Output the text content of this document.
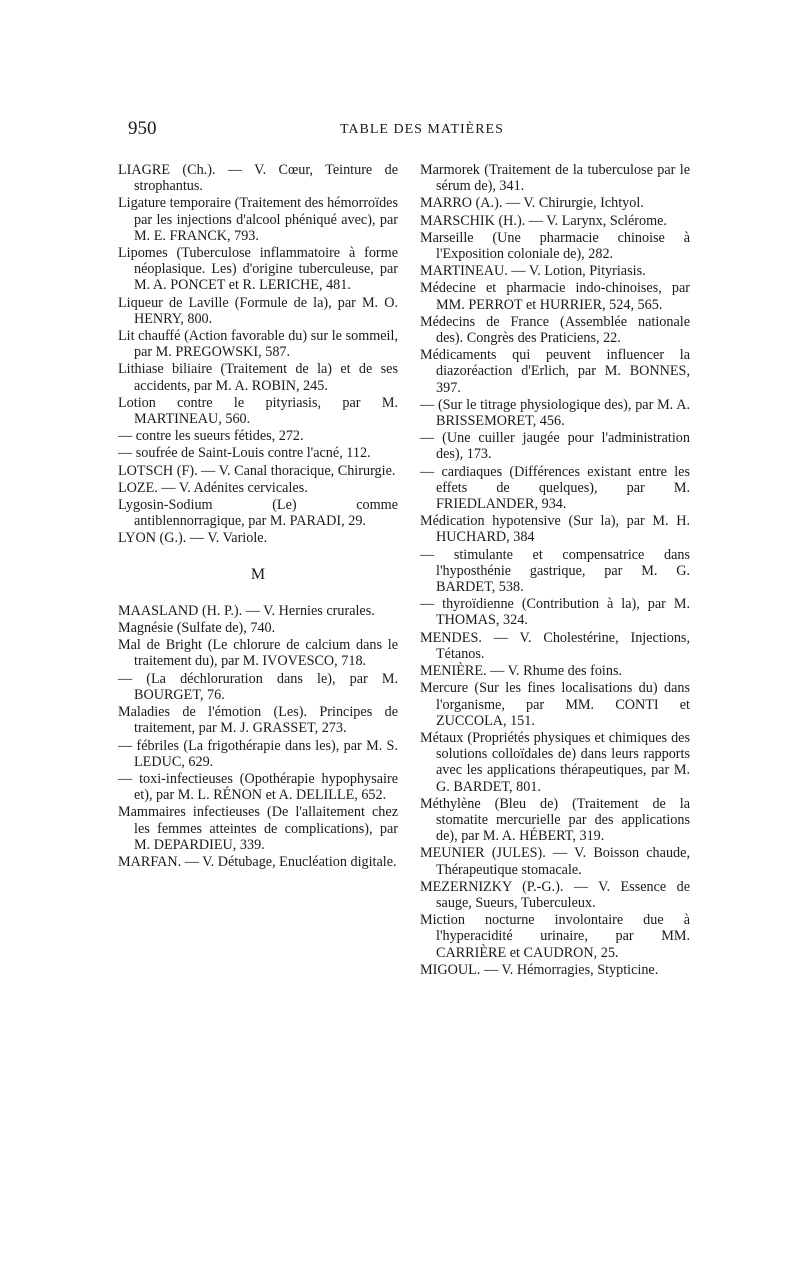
950	TABLE DES MATIÈRES

LIAGRE (Ch.). — V. Cœur, Teinture de strophantus.

Ligature temporaire (Traitement des hémorroïdes par les injections d'alcool phéniqué avec), par M. E. FRANCK, 793.

Lipomes (Tuberculose inflammatoire à forme néoplasique. Les) d'origine tuberculeuse, par M. A. PONCET et R. LERICHE, 481.

Liqueur de Laville (Formule de la), par M. O. HENRY, 800.

Lit chauffé (Action favorable du) sur le sommeil, par M. PREGOWSKI, 587.

Lithiase biliaire (Traitement de la) et de ses accidents, par M. A. ROBIN, 245.

Lotion contre le pityriasis, par M. MARTINEAU, 560.

— contre les sueurs fétides, 272.

— soufrée de Saint-Louis contre l'acné, 112.

LOTSCH (F). — V. Canal thoracique, Chirurgie.

LOZE. — V. Adénites cervicales.

Lygosin-Sodium (Le) comme antiblennorragique, par M. PARADI, 29.

LYON (G.). — V. Variole.

M

MAASLAND (H. P.). — V. Hernies crurales.

Magnésie (Sulfate de), 740.

Mal de Bright (Le chlorure de calcium dans le traitement du), par M. IVOVESCO, 718.

— (La déchloruration dans le), par M. BOURGET, 76.

Maladies de l'émotion (Les). Principes de traitement, par M. J. GRASSET, 273.

— fébriles (La frigothérapie dans les), par M. S. LEDUC, 629.

— toxi-infectieuses (Opothérapie hypophysaire et), par M. L. RÉNON et A. DELILLE, 652.

Mammaires infectieuses (De l'allaitement chez les femmes atteintes de complications), par M. DEPARDIEU, 339.

MARFAN. — V. Détubage, Enucléation digitale.

Marmorek (Traitement de la tuberculose par le sérum de), 341.

MARRO (A.). — V. Chirurgie, Ichtyol.

MARSCHIK (H.). — V. Larynx, Sclérome.

Marseille (Une pharmacie chinoise à l'Exposition coloniale de), 282.

MARTINEAU. — V. Lotion, Pityriasis.

Médecine et pharmacie indo-chinoises, par MM. PERROT et HURRIER, 524, 565.

Médecins de France (Assemblée nationale des). Congrès des Praticiens, 22.

Médicaments qui peuvent influencer la diazoréaction d'Erlich, par M. BONNES, 397.

— (Sur le titrage physiologique des), par M. A. BRISSEMORET, 456.

— (Une cuiller jaugée pour l'administration des), 173.

— cardiaques (Différences existant entre les effets de quelques), par M. FRIEDLANDER, 934.

Médication hypotensive (Sur la), par M. H. HUCHARD, 384

— stimulante et compensatrice dans l'hyposthénie gastrique, par M. G. BARDET, 538.

— thyroïdienne (Contribution à la), par M. THOMAS, 324.

MENDES. — V. Cholestérine, Injections, Tétanos.

MENIÈRE. — V. Rhume des foins.

Mercure (Sur les fines localisations du) dans l'organisme, par MM. CONTI et ZUCCOLA, 151.

Métaux (Propriétés physiques et chimiques des solutions colloïdales de) dans leurs rapports avec les applications thérapeutiques, par M. G. BARDET, 801.

Méthylène (Bleu de) (Traitement de la stomatite mercurielle par des applications de), par M. A. HÉBERT, 319.

MEUNIER (JULES). — V. Boisson chaude, Thérapeutique stomacale.

MEZERNIZKY (P.-G.). — V. Essence de sauge, Sueurs, Tuberculeux.

Miction nocturne involontaire due à l'hyperacidité urinaire, par MM. CARRIÈRE et CAUDRON, 25.

MIGOUL. — V. Hémorragies, Stypticine.
